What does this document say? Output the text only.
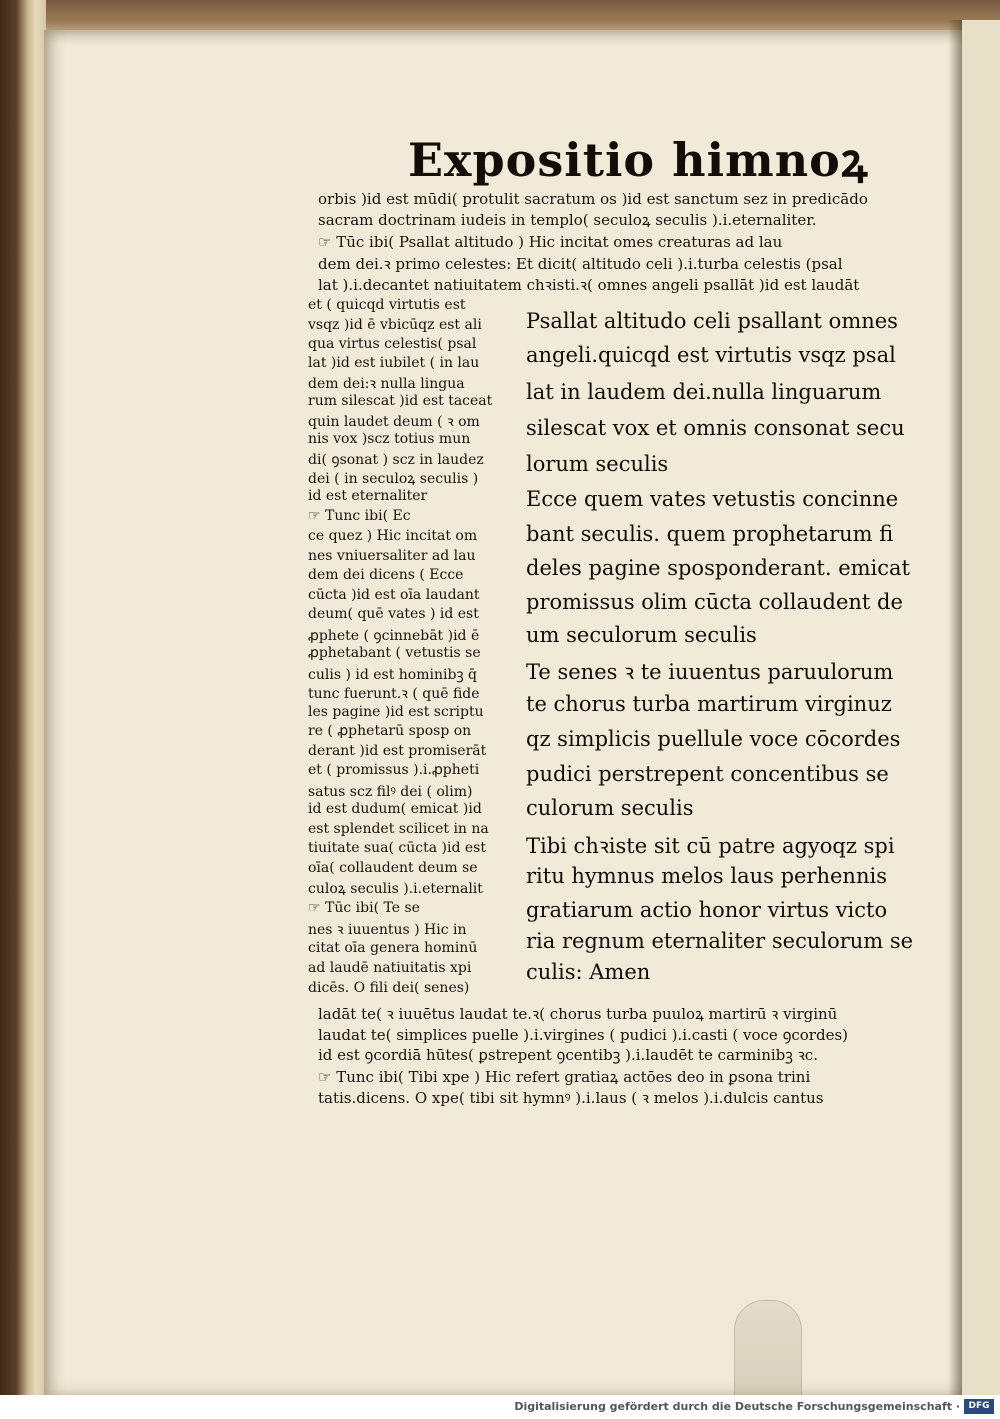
Expositio himnoꝝ
orbis )id est mūdi( protulit sacratum os )id est sanctum sez in predicādo
sacram doctrinam iudeis in templo( seculoꝝ seculis ).i.eternaliter.
☞ Tūc ibi( Psallat altitudo ) Hic incitat omes creaturas ad lau
dem dei.ꝛ primo celestes: Et dicit( altitudo celi ).i.turba celestis (psal
lat ).i.decantet natiuitatem chꝛisti.ꝛ( omnes angeli psallāt )id est laudāt
et ( quicqd virtutis est
vsqz )id ē vbicūqz est ali
qua virtus celestis( psal
lat )id est iubilet ( in lau
dem dei:ꝛ nulla lingua
rum silescat )id est taceat
quin laudet deum ( ꝛ om
nis vox )scz totius mun
di( ꝯsonat ) scz in laudez
dei ( in seculoꝝ seculis )
id est eternaliter
☞ Tunc ibi( Ec
ce quez ) Hic incitat om
nes vniuersaliter ad lau
dem dei dicens ( Ecce
cūcta )id est oīa laudant
deum( quē vates ) id est
ꝓphete ( ꝯcinnebāt )id ē
ꝓphetabant ( vetustis se
culis ) id est hominibꝫ q̄
tunc fuerunt.ꝛ ( quē fide
les pagine )id est scriptu
re ( ꝓphetarū sposp on
derant )id est promiserāt
et ( promissus ).i.ꝓpheti
satus scz filꝰ dei ( olim)
id est dudum( emicat )id
est splendet scilicet in na
tiuitate sua( cūcta )id est
oīa( collaudent deum se
culoꝝ seculis ).i.eternalit
☞ Tūc ibi( Te se
nes ꝛ iuuentus ) Hic in
citat oīa genera hominū
ad laudē natiuitatis xpi
dicēs. O fili dei( senes)
Psallat altitudo celi psallant omnes
angeli.quicqd est virtutis vsqz psal
lat in laudem dei.nulla linguarum
silescat vox et omnis consonat secu
lorum seculis
Ecce quem vates vetustis concinne
bant seculis. quem prophetarum fi
deles pagine sposponderant. emicat
promissus olim cūcta collaudent de
um seculorum seculis
Te senes ꝛ te iuuentus paruulorum
te chorus turba martirum virginuz
qz simplicis puellule voce cōcordes
pudici perstrepent concentibus se
culorum seculis
Tibi chꝛiste sit cū patre agyoqz spi
ritu hymnus melos laus perhennis
gratiarum actio honor virtus victo
ria regnum eternaliter seculorum se
culis: Amen
ladāt te( ꝛ iuuētus laudat te.ꝛ( chorus turba puuloꝝ martirū ꝛ virginū
laudat te( simplices puelle ).i.virgines ( pudici ).i.casti ( voce ꝯcordes)
id est ꝯcordiā hūtes( ꝑstrepent ꝯcentibꝫ ).i.laudēt te carminibꝫ ꝛc.
☞ Tunc ibi( Tibi xpe ) Hic refert gratiaꝝ actōes deo in ꝑsona trini
tatis.dicens. O xpe( tibi sit hymnꝰ ).i.laus ( ꝛ melos ).i.dulcis cantus
Digitalisierung gefördert durch die Deutsche Forschungsgemeinschaft · DFG
